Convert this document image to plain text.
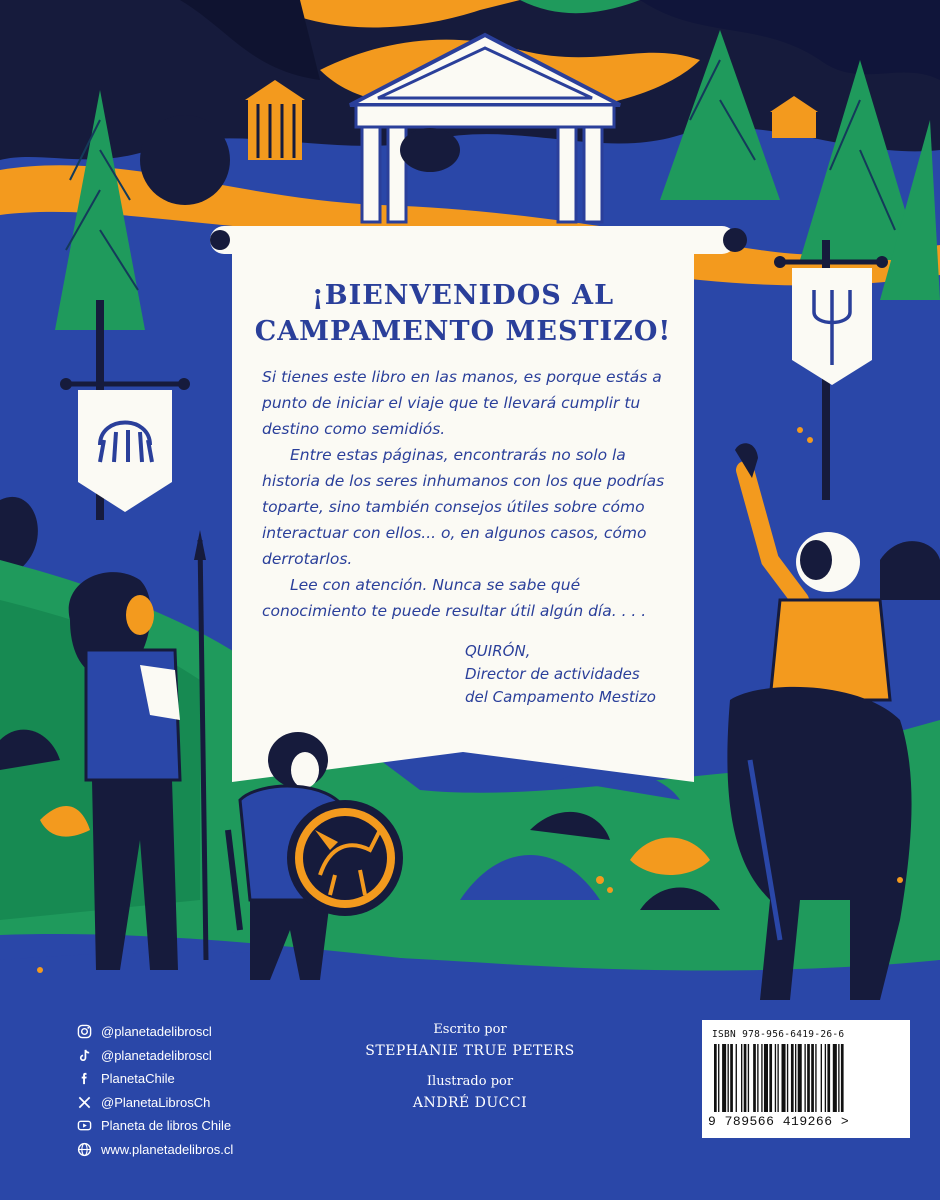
¡BIENVENIDOS AL
CAMPAMENTO MESTIZO!

Si tienes este libro en las manos, es porque estás a punto de iniciar el viaje que te llevará cumplir tu destino como semidiós.

Entre estas páginas, encontrarás no solo la historia de los seres inhumanos con los que podrías toparte, sino también consejos útiles sobre cómo interactuar con ellos... o, en algunos casos, cómo derrotarlos.

Lee con atención. Nunca se sabe qué conocimiento te puede resultar útil algún día. . . .

QUIRÓN,
Director de actividades
del Campamento Mestizo
@planetadelibroscl
@planetadelibroscl
PlanetaChile
@PlanetaLibrosCh
Planeta de libros Chile
www.planetadelibros.cl
Escrito por
STEPHANIE TRUE PETERS
Ilustrado por
ANDRÉ DUCCI
ISBN 978-956-6419-26-6
9 789566 419266 >
